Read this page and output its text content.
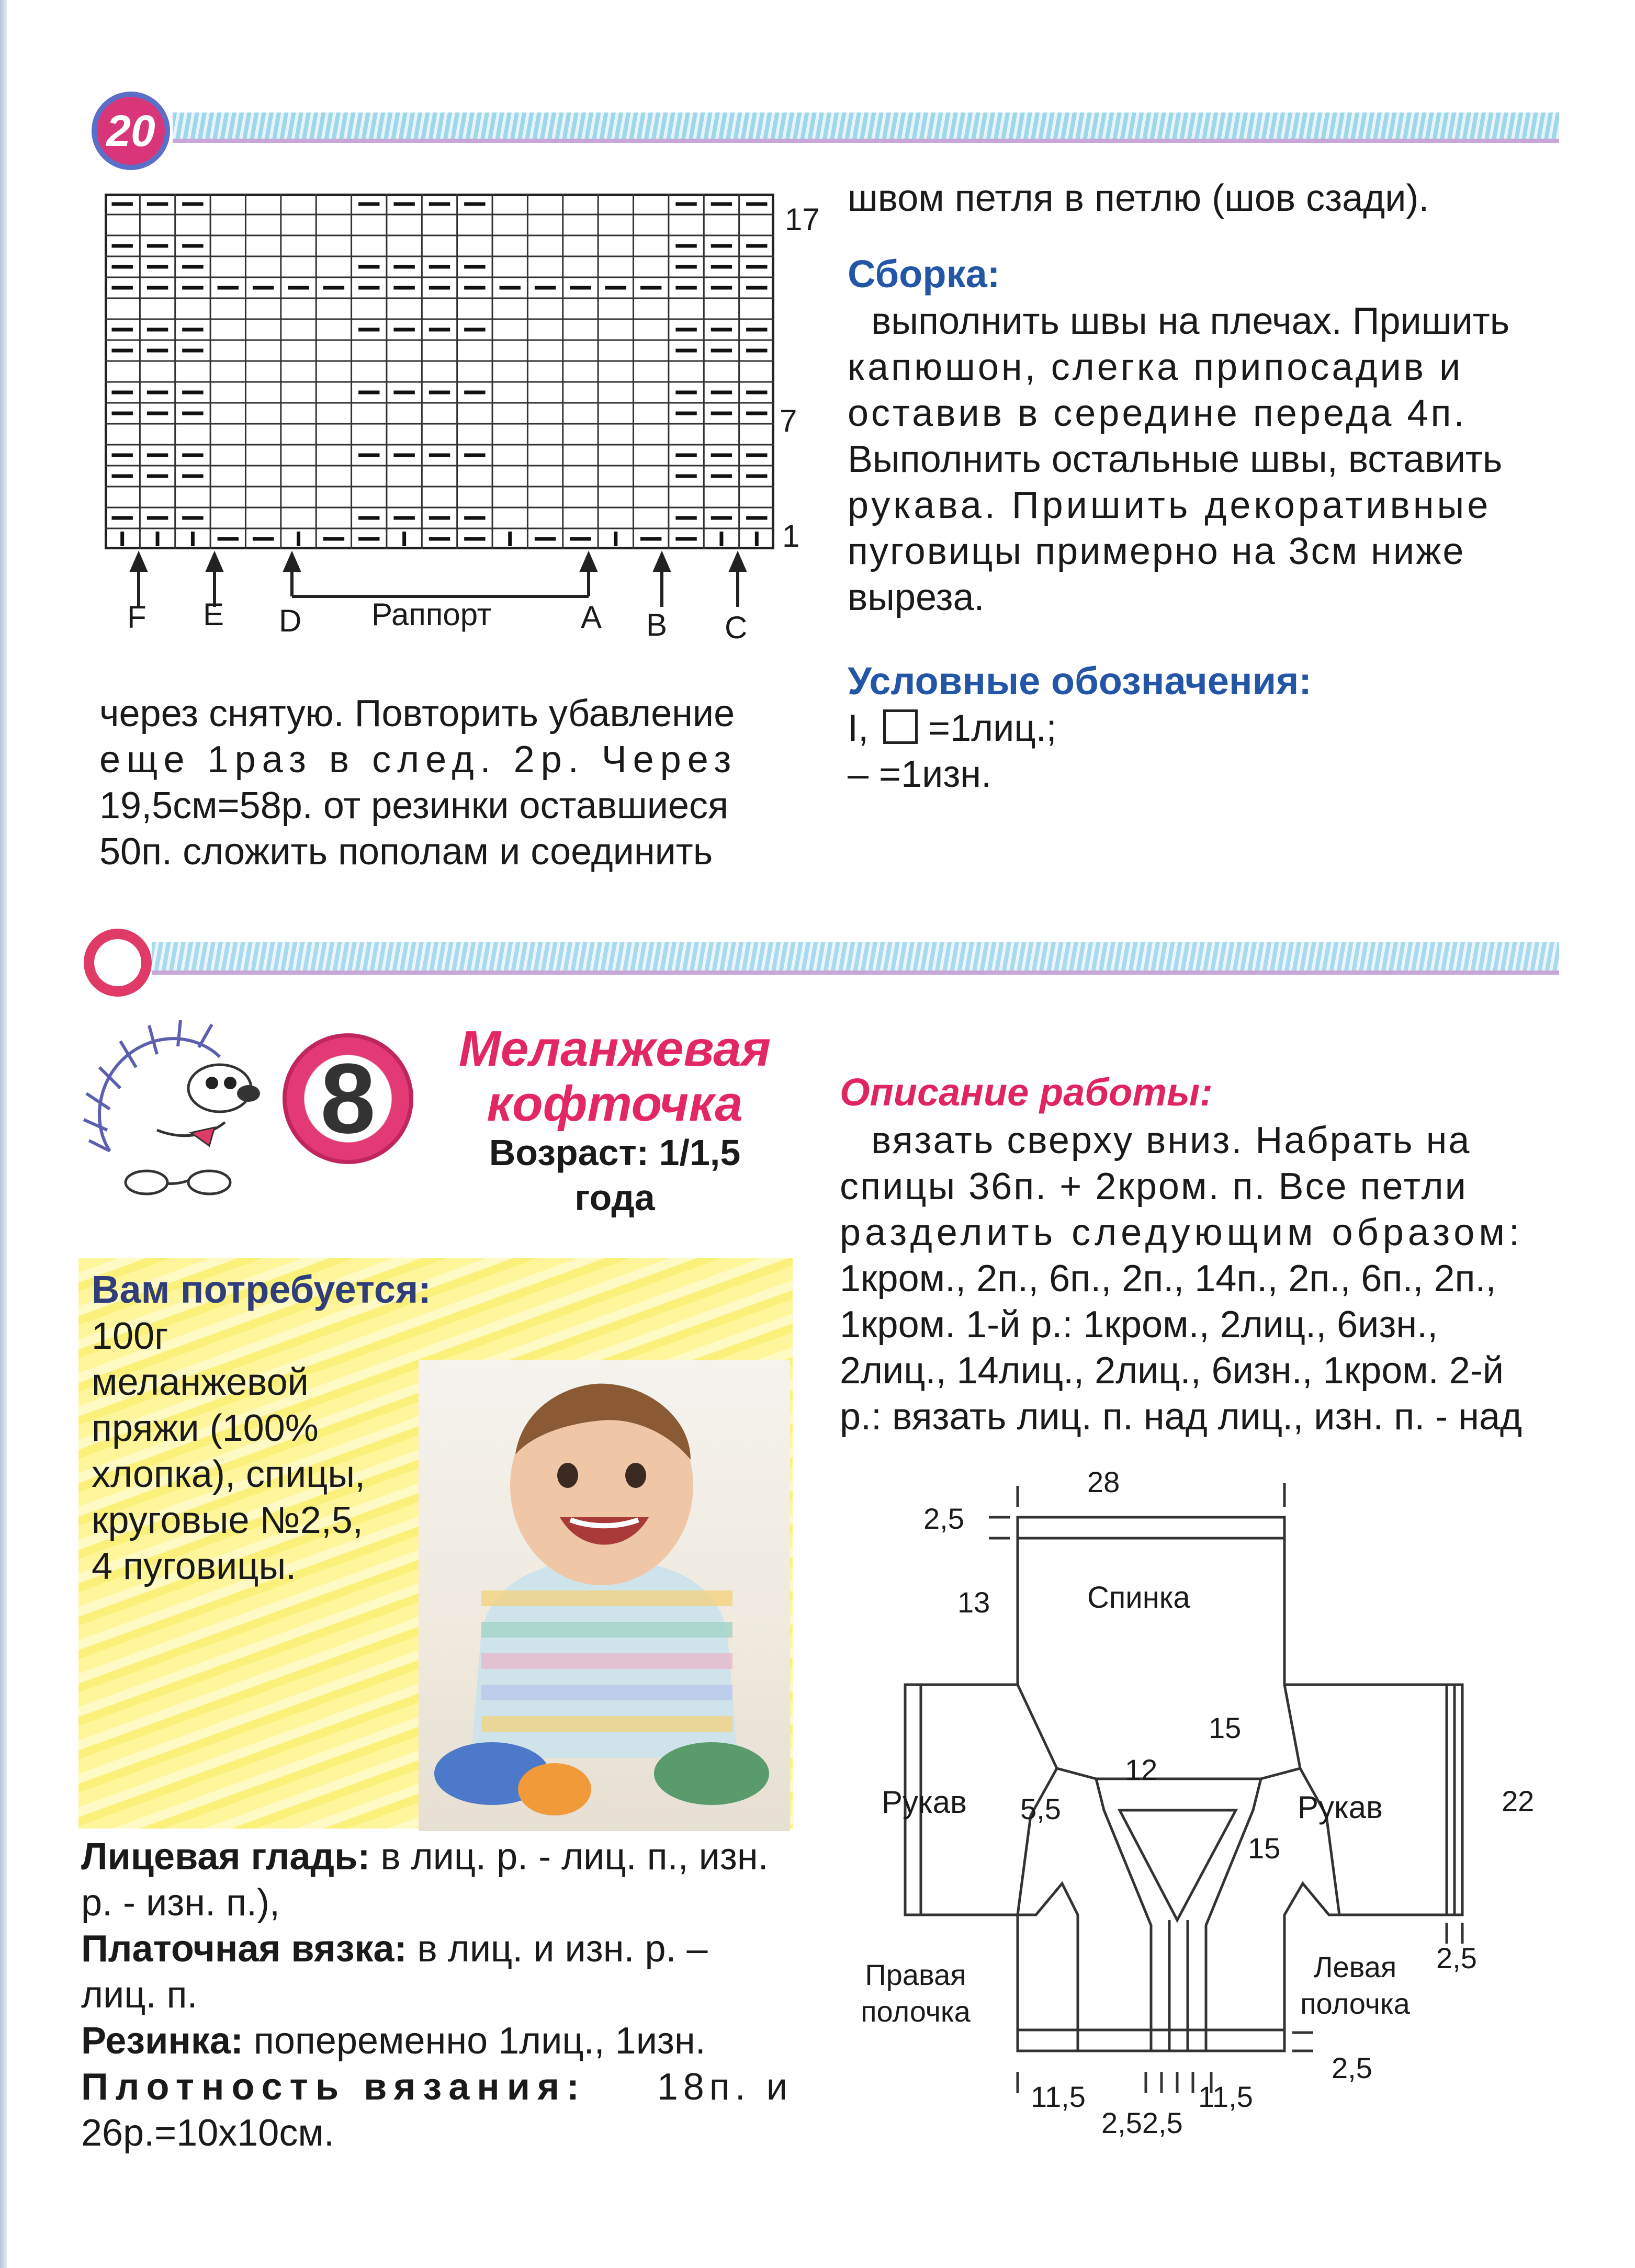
20
17
7
1
F E D Раппорт	A B C
через снятую. Повторить убавление
еще 1раз в след. 2р. Через
19,5см=58р. от резинки оставшиеся
50п. сложить пополам и соединить
швом петля в петлю (шов сзади).
Сборка:
выполнить швы на плечах. Пришить
капюшон, слегка припосадив и
оставив в середине переда 4п.
Выполнить остальные швы, вставить
рукава. Пришить декоративные
пуговицы примерно на 3см ниже
выреза.
Условные обозначения:
I,  =1лиц.;
– =1изн.
8	Меланжевая
кофточка
Возраст: 1/1,5
года
Вам потребуется:
100г
меланжевой
пряжи (100%
хлопка), спицы,
круговые №2,5,
4 пуговицы.
Лицевая гладь: в лиц. р. - лиц. п., изн.
р. - изн. п.),
Платочная вязка: в лиц. и изн. р. –
лиц. п.
Резинка: попеременно 1лиц., 1изн.
Плотность вязания: 18п. и
26р.=10х10см.
Описание работы:
вязать сверху вниз. Набрать на
спицы 36п. + 2кром. п. Все петли
разделить следующим образом:
1кром., 2п., 6п., 2п., 14п., 2п., 6п., 2п.,
1кром. 1-й р.: 1кром., 2лиц., 6изн.,
2лиц., 14лиц., 2лиц., 6изн., 1кром. 2-й
р.: вязать лиц. п. над лиц., изн. п. - над
28
2,5
13	Спинка
15
12
5,5
15
Рукав	Рукав	22
Правая
полочка
Левая
полочка
2,5
2,5
11,5	11,5
2,52,5
